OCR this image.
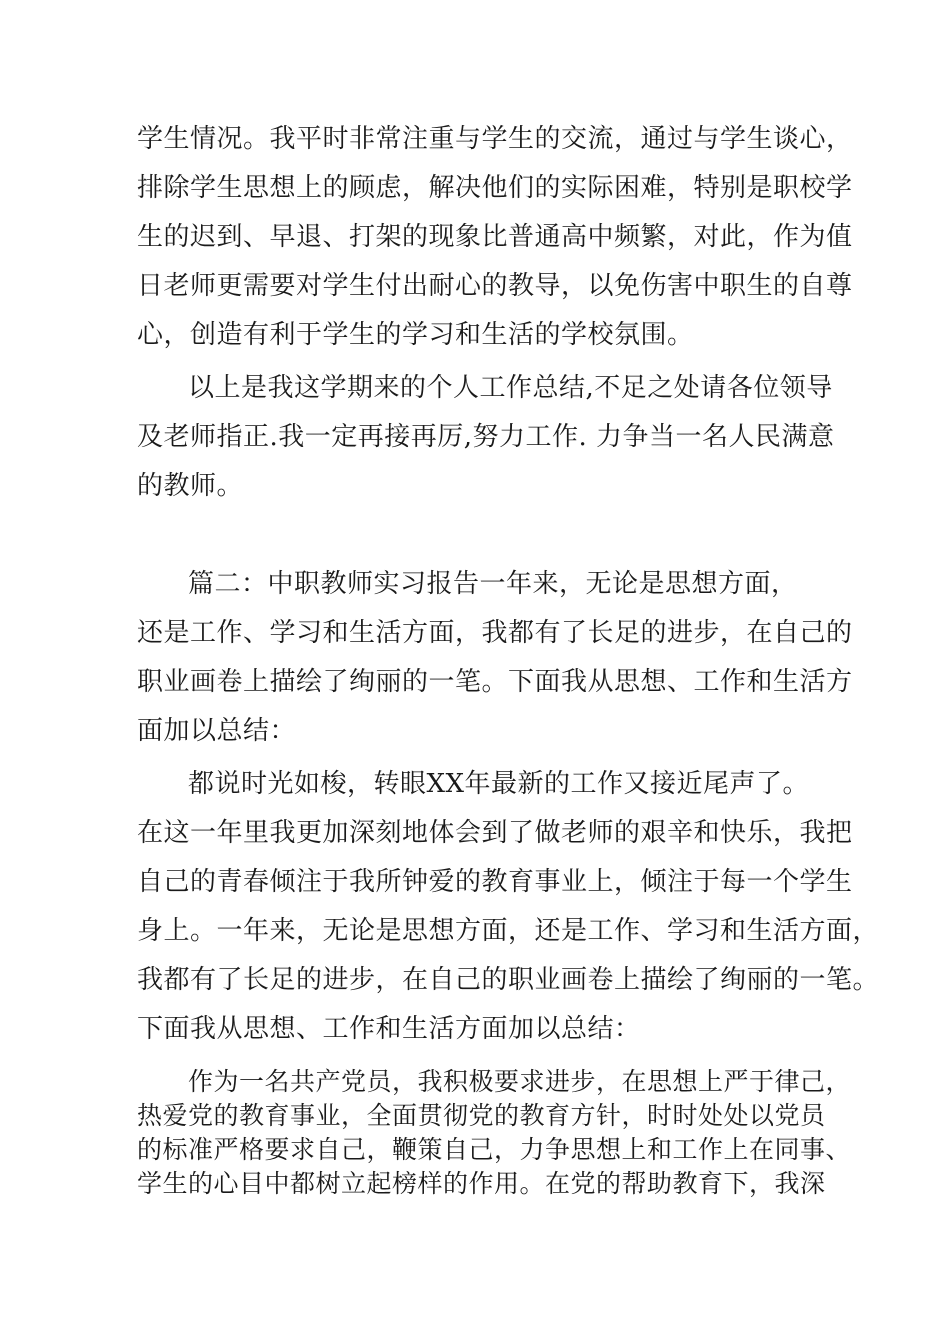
学生情况。我平时非常注重与学生的交流，通过与学生谈心，
排除学生思想上的顾虑，解决他们的实际困难，特别是职校学
生的迟到、早退、打架的现象比普通高中频繁，对此，作为值
日老师更需要对学生付出耐心的教导，以免伤害中职生的自尊
心，创造有利于学生的学习和生活的学校氛围。
以上是我这学期来的个人工作总结,不足之处请各位领导
及老师指正.我一定再接再厉,努力工作. 力争当一名人民满意
的教师。
篇二：中职教师实习报告一年来，无论是思想方面，
还是工作、学习和生活方面，我都有了长足的进步，在自己的
职业画卷上描绘了绚丽的一笔。下面我从思想、工作和生活方
面加以总结：
都说时光如梭，转眼XX年最新的工作又接近尾声了。
在这一年里我更加深刻地体会到了做老师的艰辛和快乐，我把
自己的青春倾注于我所钟爱的教育事业上，倾注于每一个学生
身上。一年来，无论是思想方面，还是工作、学习和生活方面，
我都有了长足的进步，在自己的职业画卷上描绘了绚丽的一笔。
下面我从思想、工作和生活方面加以总结：
作为一名共产党员，我积极要求进步，在思想上严于律己，
热爱党的教育事业，全面贯彻党的教育方针，时时处处以党员
的标准严格要求自己，鞭策自己，力争思想上和工作上在同事、
学生的心目中都树立起榜样的作用。在党的帮助教育下，我深
